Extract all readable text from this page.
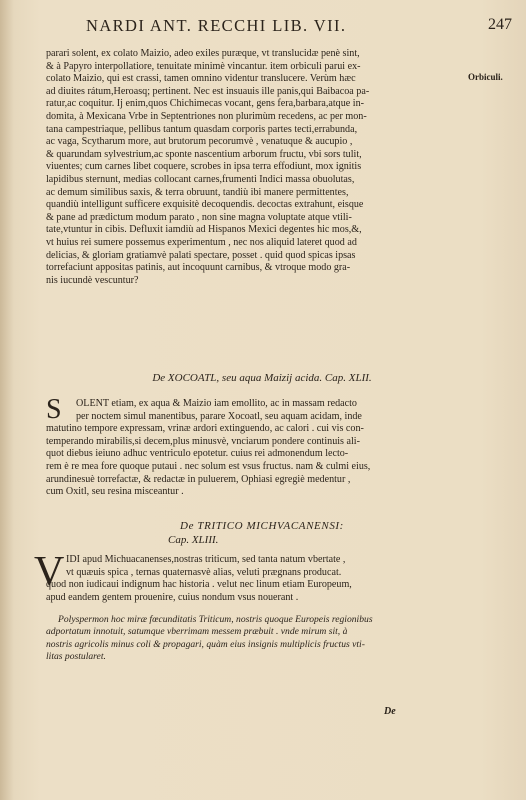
NARDI ANT. RECCHI LIB. VII.	247
Orbiculi.
parari solent, ex colato Maizio, adeo exiles puræque, vt translucidæ penè sint,
& à Papyro interpollatiore, tenuitate minimè vincantur. item orbiculi parui ex-
colato Maizio, qui est crassi, tamen omnino videntur translucere. Verùm hæc
ad diuites rátum,Heroasq; pertinent. Nec est insuauis ille panis,qui Baibacoa pa-
ratur,ac coquitur. Ij enim,quos Chichimecas vocant, gens fera,barbara,atque in-
domita, à Mexicana Vrbe in Septentriones non plurimùm recedens, ac per mon-
tana campestriaque, pellibus tantum quasdam corporis partes tecti,errabunda,
ac vaga, Scytharum more, aut brutorum pecorumvè , venatuque & aucupio ,
& quarundam sylvestrium,ac sponte nascentium arborum fructu, vbi sors tulit,
viuentes; cum carnes libet coquere, scrobes in ipsa terra effodiunt, mox ignitis
lapidibus sternunt, medias collocant carnes,frumenti Indici massa obuolutas,
ac demum similibus saxis, & terra obruunt, tandiù ibi manere permittentes,
quandiù intelligunt sufficere exquisitè decoquendis. decoctas extrahunt, eisque
& pane ad prædictum modum parato , non sine magna voluptate atque vtili-
tate,vtuntur in cibis. Defluxit iamdiù ad Hispanos Mexici degentes hic mos,&,
vt huius rei sumere possemus experimentum , nec nos aliquid lateret quod ad
delicias, & gloriam gratiamvè palati spectare, posset . quid quod spicas ipsas
torrefaciunt appositas patinis, aut incoquunt carnibus, & vtroque modo gra-
nis iucundè vescuntur?
De XOCOATL, seu aqua Maizij acida. Cap. XLII.
S	OLENT etiam, ex aqua & Maizio iam emollito, ac in massam redacto
per noctem simul manentibus, parare Xocoatl, seu aquam acidam, inde
matutino tempore expressam, vrinæ ardori extinguendo, ac calori . cui vis con-
temperando mirabilis,si decem,plus minusvè, vnciarum pondere continuis ali-
quot diebus ieiuno adhuc ventriculo epotetur. cuius rei admonendum lecto-
rem è re mea fore quoque putaui . nec solum est vsus fructus. nam & culmi eius,
arundinesuè torrefactæ, & redactæ in puluerem, Ophiasi egregiè medentur ,
cum Oxitl, seu resina misceantur .
De TRITICO MICHVACANENSI:
Cap. XLIII.
V IDI apud Michuacanenses,nostras triticum, sed tanta natum vbertate ,
vt quæuis spica , ternas quaternasvè alias, veluti prægnans producat.
quod non iudicaui indignum hac historia . velut nec linum etiam Europeum,
apud eandem gentem prouenire, cuius nondum vsus nouerant .
Polyspermon hoc miræ fœcunditatis Triticum, nostris quoque Europeis regionibus
adportatum innotuit, satumque vberrimam messem præbuit . vnde mirum sit, à
nostris agricolis minus coli & propagari, quàm eius insignis multiplicis fructus vti-
litas postularet.
De
